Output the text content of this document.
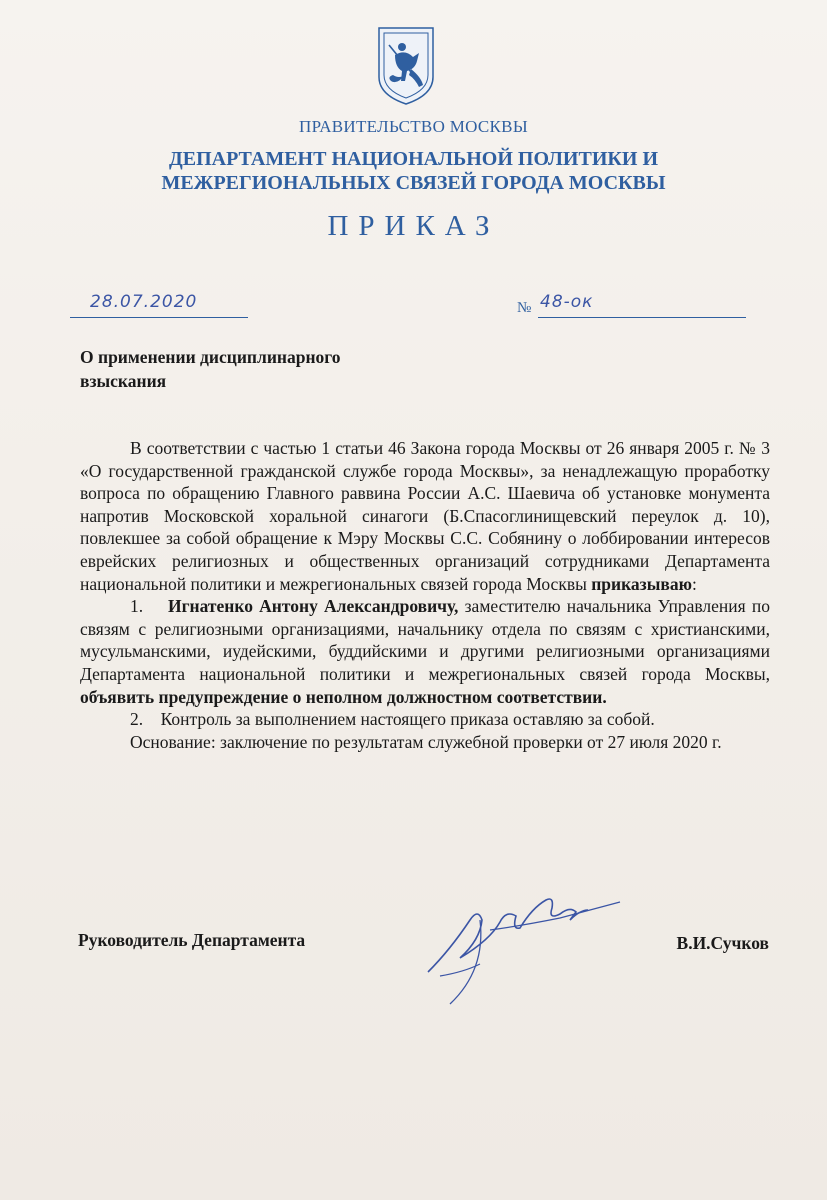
ПРАВИТЕЛЬСТВО МОСКВЫ
ДЕПАРТАМЕНТ НАЦИОНАЛЬНОЙ ПОЛИТИКИ И
МЕЖРЕГИОНАЛЬНЫХ СВЯЗЕЙ ГОРОДА МОСКВЫ
ПРИКАЗ
28.07.2020	№ 48-ок
О применении дисциплинарного
взыскания

В соответствии с частью 1 статьи 46 Закона города Москвы от 26 января 2005 г. № 3 «О государственной гражданской службе города Москвы», за ненадлежащую проработку вопроса по обращению Главного раввина России А.С. Шаевича об установке монумента напротив Московской хоральной синагоги (Б.Спасоглинищевский переулок д. 10), повлекшее за собой обращение к Мэру Москвы С.С. Собянину о лоббировании интересов еврейских религиозных и общественных организаций сотрудниками Департамента национальной политики и межрегиональных связей города Москвы приказываю:

1. Игнатенко Антону Александровичу, заместителю начальника Управления по связям с религиозными организациями, начальнику отдела по связям с христианскими, мусульманскими, иудейскими, буддийскими и другими религиозными организациями Департамента национальной политики и межрегиональных связей города Москвы, объявить предупреждение о неполном должностном соответствии.

2. Контроль за выполнением настоящего приказа оставляю за собой.

Основание: заключение по результатам служебной проверки от 27 июля 2020 г.

Руководитель Департамента	В.И.Сучков
